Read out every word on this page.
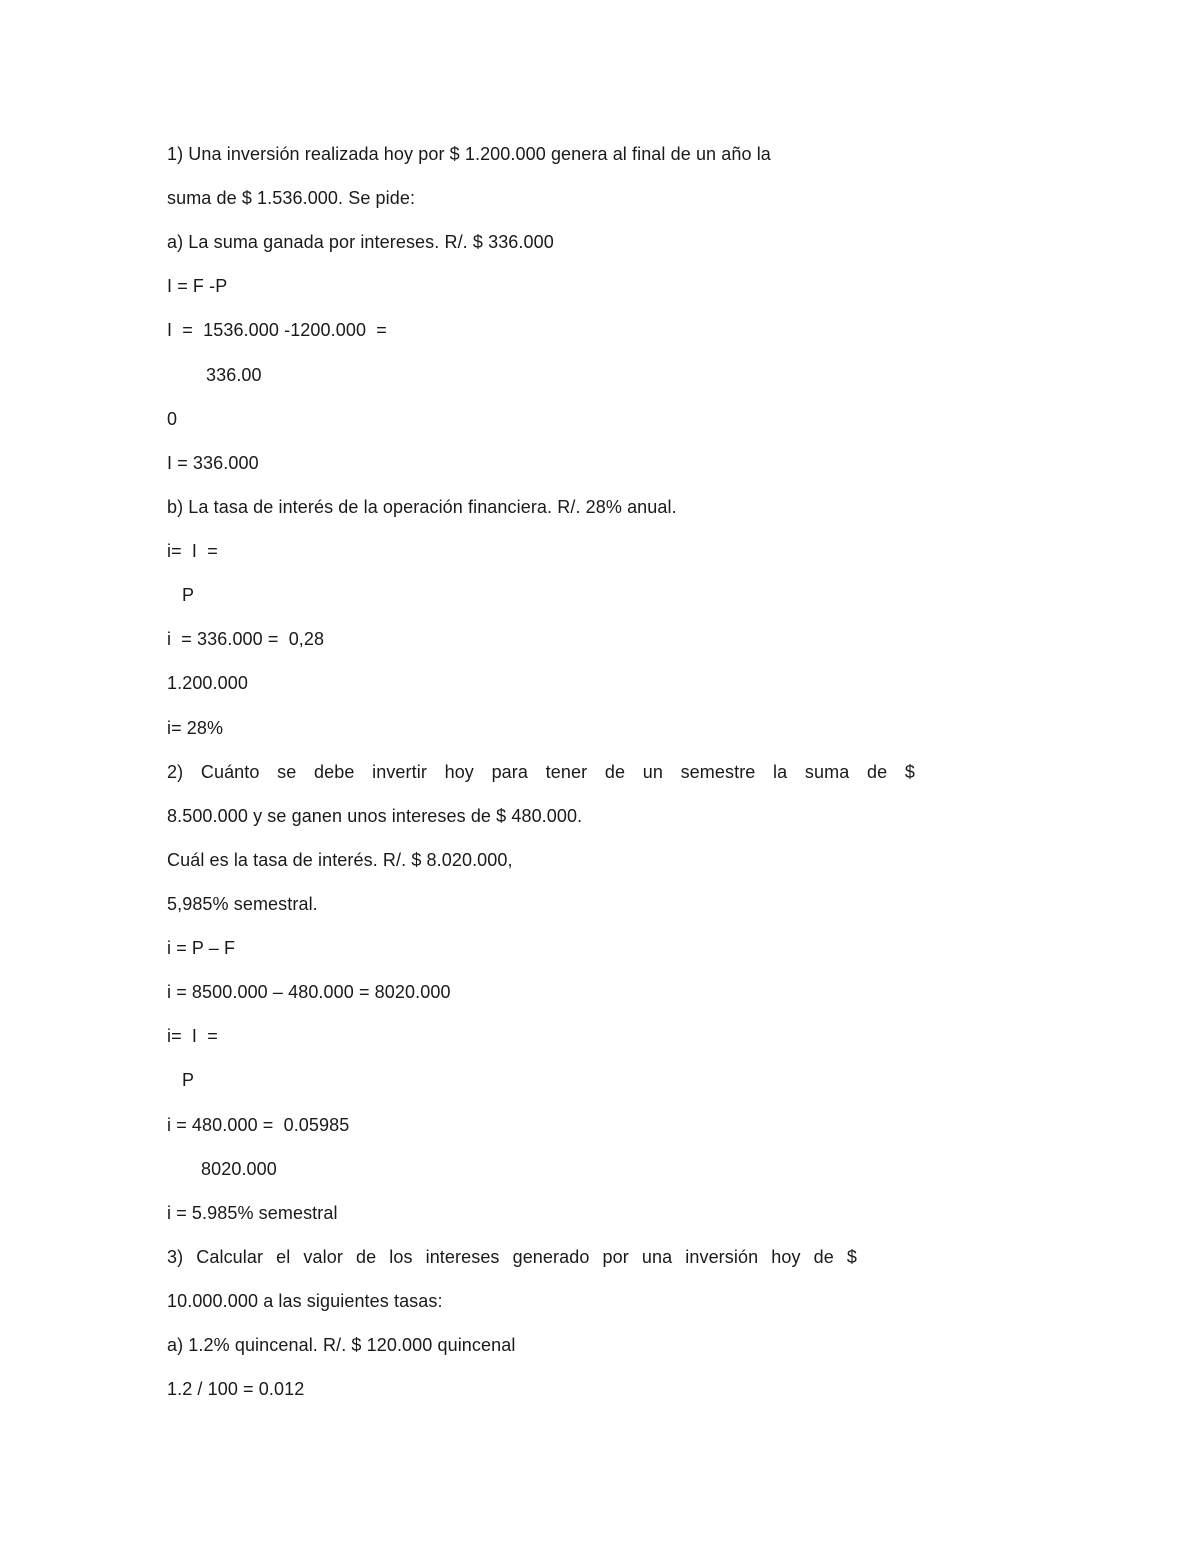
1) Una inversión realizada hoy por $ 1.200.000 genera al final de un año la
suma de $ 1.536.000. Se pide:
a) La suma ganada por intereses. R/. $ 336.000
I = F -P
I  =  1536.000 -1200.000  =
336.00
0
I = 336.000
b) La tasa de interés de la operación financiera. R/. 28% anual.
i=  I  =
P
i  = 336.000 =  0,28
1.200.000
i= 28%
2) Cuánto se debe invertir hoy para tener de un semestre la suma de $
8.500.000 y se ganen unos intereses de $ 480.000.
Cuál es la tasa de interés. R/. $ 8.020.000,
5,985% semestral.
i = P – F
i = 8500.000 – 480.000 = 8020.000
i=  I  =
P
i = 480.000 =  0.05985
8020.000
i = 5.985% semestral
3) Calcular el valor de los intereses generado por una inversión hoy de $
10.000.000 a las siguientes tasas:
a) 1.2% quincenal. R/. $ 120.000 quincenal
1.2 / 100 = 0.012
